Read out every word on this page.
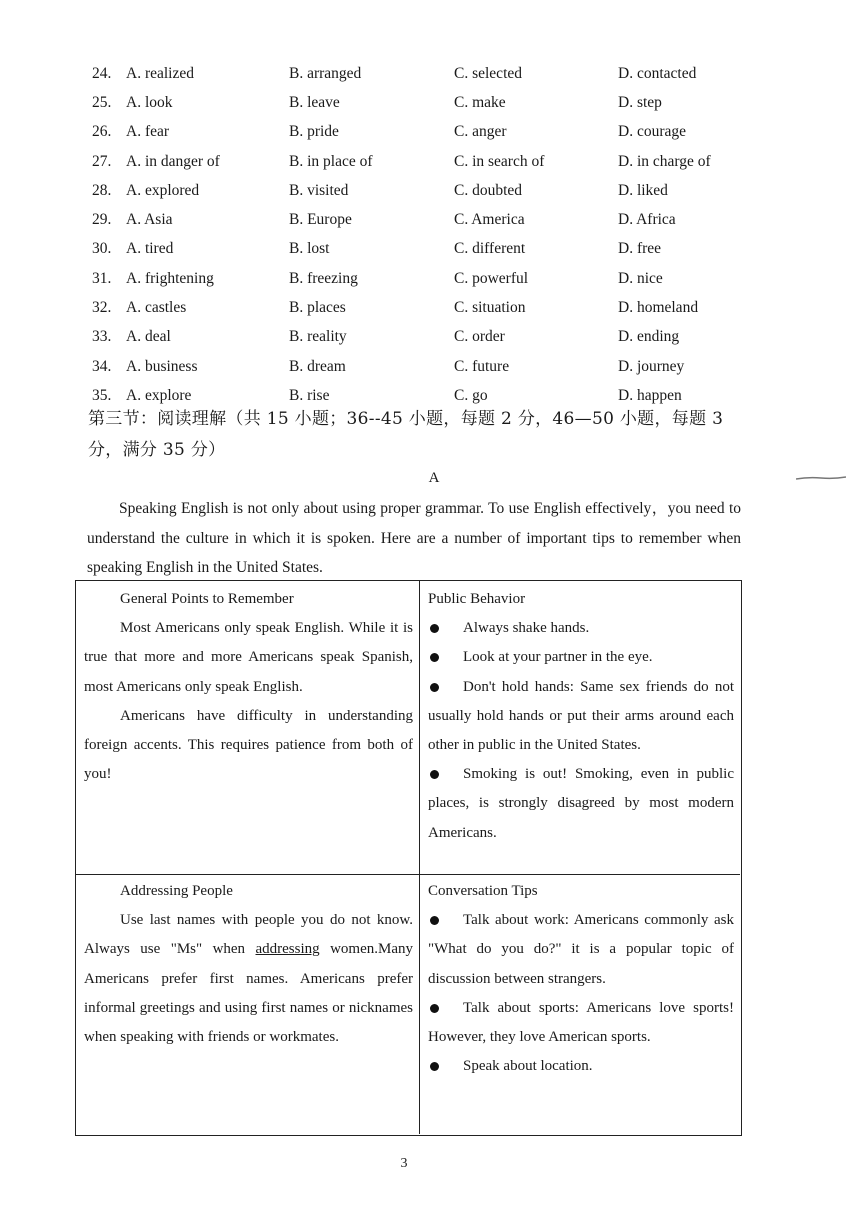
24. A. realized	B. arranged	C. selected	D. contacted
25. A. look	B. leave	C. make	D. step
26. A. fear	B. pride	C. anger	D. courage
27. A. in danger of	B. in place of	C. in search of	D. in charge of
28. A. explored	B. visited	C. doubted	D. liked
29. A. Asia	B. Europe	C. America	D. Africa
30. A. tired	B. lost	C. different	D. free
31. A. frightening	B. freezing	C. powerful	D. nice
32. A. castles	B. places	C. situation	D. homeland
33. A. deal	B. reality	C. order	D. ending
34. A. business	B. dream	C. future	D. journey
35. A. explore	B. rise	C. go	D. happen
第三节：阅读理解（共 15 小题；36--45 小题，每题 2 分，46—50 小题，每题 3 分，满分 35 分）
A
Speaking English is not only about using proper grammar. To use English effectively，you need to understand the culture in which it is spoken. Here are a number of important tips to remember when speaking English in the United States.
General Points to Remember

Most Americans only speak English. While it is true that more and more Americans speak Spanish, most Americans only speak English.

Americans have difficulty in understanding foreign accents. This requires patience from both of you!

Public Behavior
Always shake hands.
Look at your partner in the eye.
Don't hold hands: Same sex friends do not usually hold hands or put their arms around each other in public in the United States.
Smoking is out! Smoking, even in public places, is strongly disagreed by most modern Americans.
Addressing People

Use last names with people you do not know. Always use "Ms" when addressing women.Many Americans prefer first names. Americans prefer informal greetings and using first names or nicknames when speaking with friends or workmates.

Conversation Tips
Talk about work: Americans commonly ask "What do you do?" it is a popular topic of discussion between strangers.
Talk about sports: Americans love sports! However, they love American sports.
Speak about location.
3
